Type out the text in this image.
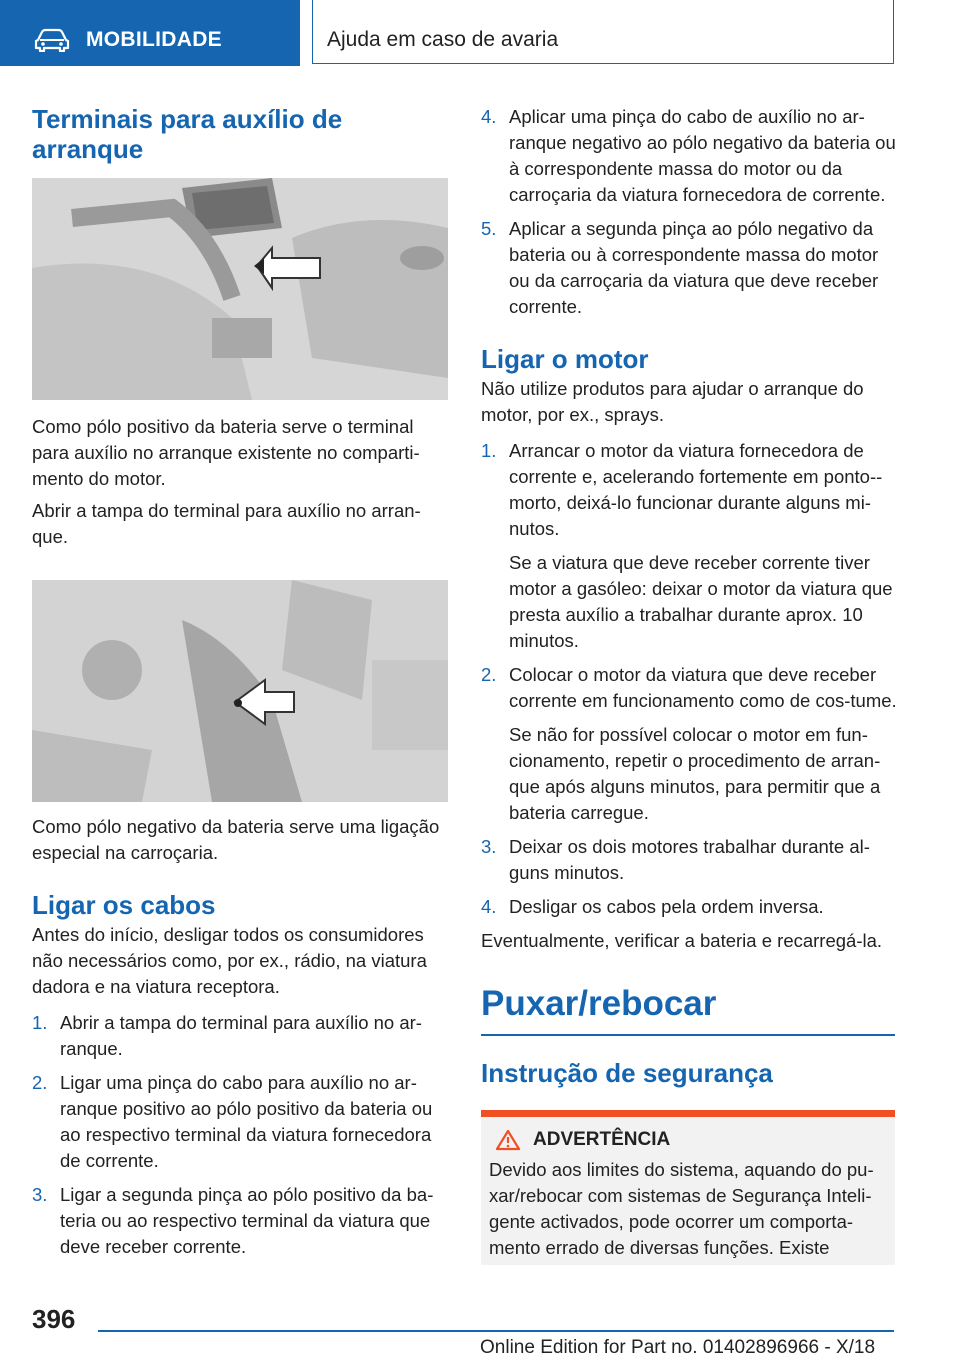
MOBILIDADE	Ajuda em caso de avaria
Terminais para auxílio de arranque

Como pólo positivo da bateria serve o terminal para auxílio no arranque existente no comparti-mento do motor.

Abrir a tampa do terminal para auxílio no arran-que.

Como pólo negativo da bateria serve uma ligação especial na carroçaria.

Ligar os cabos

Antes do início, desligar todos os consumidores não necessários como, por ex., rádio, na viatura dadora e na viatura receptora.

1. Abrir a tampa do terminal para auxílio no ar-ranque.
2. Ligar uma pinça do cabo para auxílio no ar-ranque positivo ao pólo positivo da bateria ou ao respectivo terminal da viatura fornecedora de corrente.
3. Ligar a segunda pinça ao pólo positivo da ba-teria ou ao respectivo terminal da viatura que deve receber corrente.
4. Aplicar uma pinça do cabo de auxílio no ar-ranque negativo ao pólo negativo da bateria ou à correspondente massa do motor ou da carroçaria da viatura fornecedora de corrente.
5. Aplicar a segunda pinça ao pólo negativo da bateria ou à correspondente massa do motor ou da carroçaria da viatura que deve receber corrente.
Ligar o motor

Não utilize produtos para ajudar o arranque do motor, por ex., sprays.

1. Arrancar o motor da viatura fornecedora de corrente e, acelerando fortemente em ponto--morto, deixá-lo funcionar durante alguns mi-nutos.
Se a viatura que deve receber corrente tiver motor a gasóleo: deixar o motor da viatura que presta auxílio a trabalhar durante aprox. 10 minutos.
2. Colocar o motor da viatura que deve receber corrente em funcionamento como de cos-tume.
Se não for possível colocar o motor em fun-cionamento, repetir o procedimento de arran-que após alguns minutos, para permitir que a bateria carregue.
3. Deixar os dois motores trabalhar durante al-guns minutos.
4. Desligar os cabos pela ordem inversa.

Eventualmente, verificar a bateria e recarregá-la.

Puxar/rebocar
Instrução de segurança
ADVERTÊNCIA

Devido aos limites do sistema, aquando do pu-xar/rebocar com sistemas de Segurança Inteli-gente activados, pode ocorrer um comporta-mento errado de diversas funções. Existe

396
Online Edition for Part no. 01402896966 - X/18
